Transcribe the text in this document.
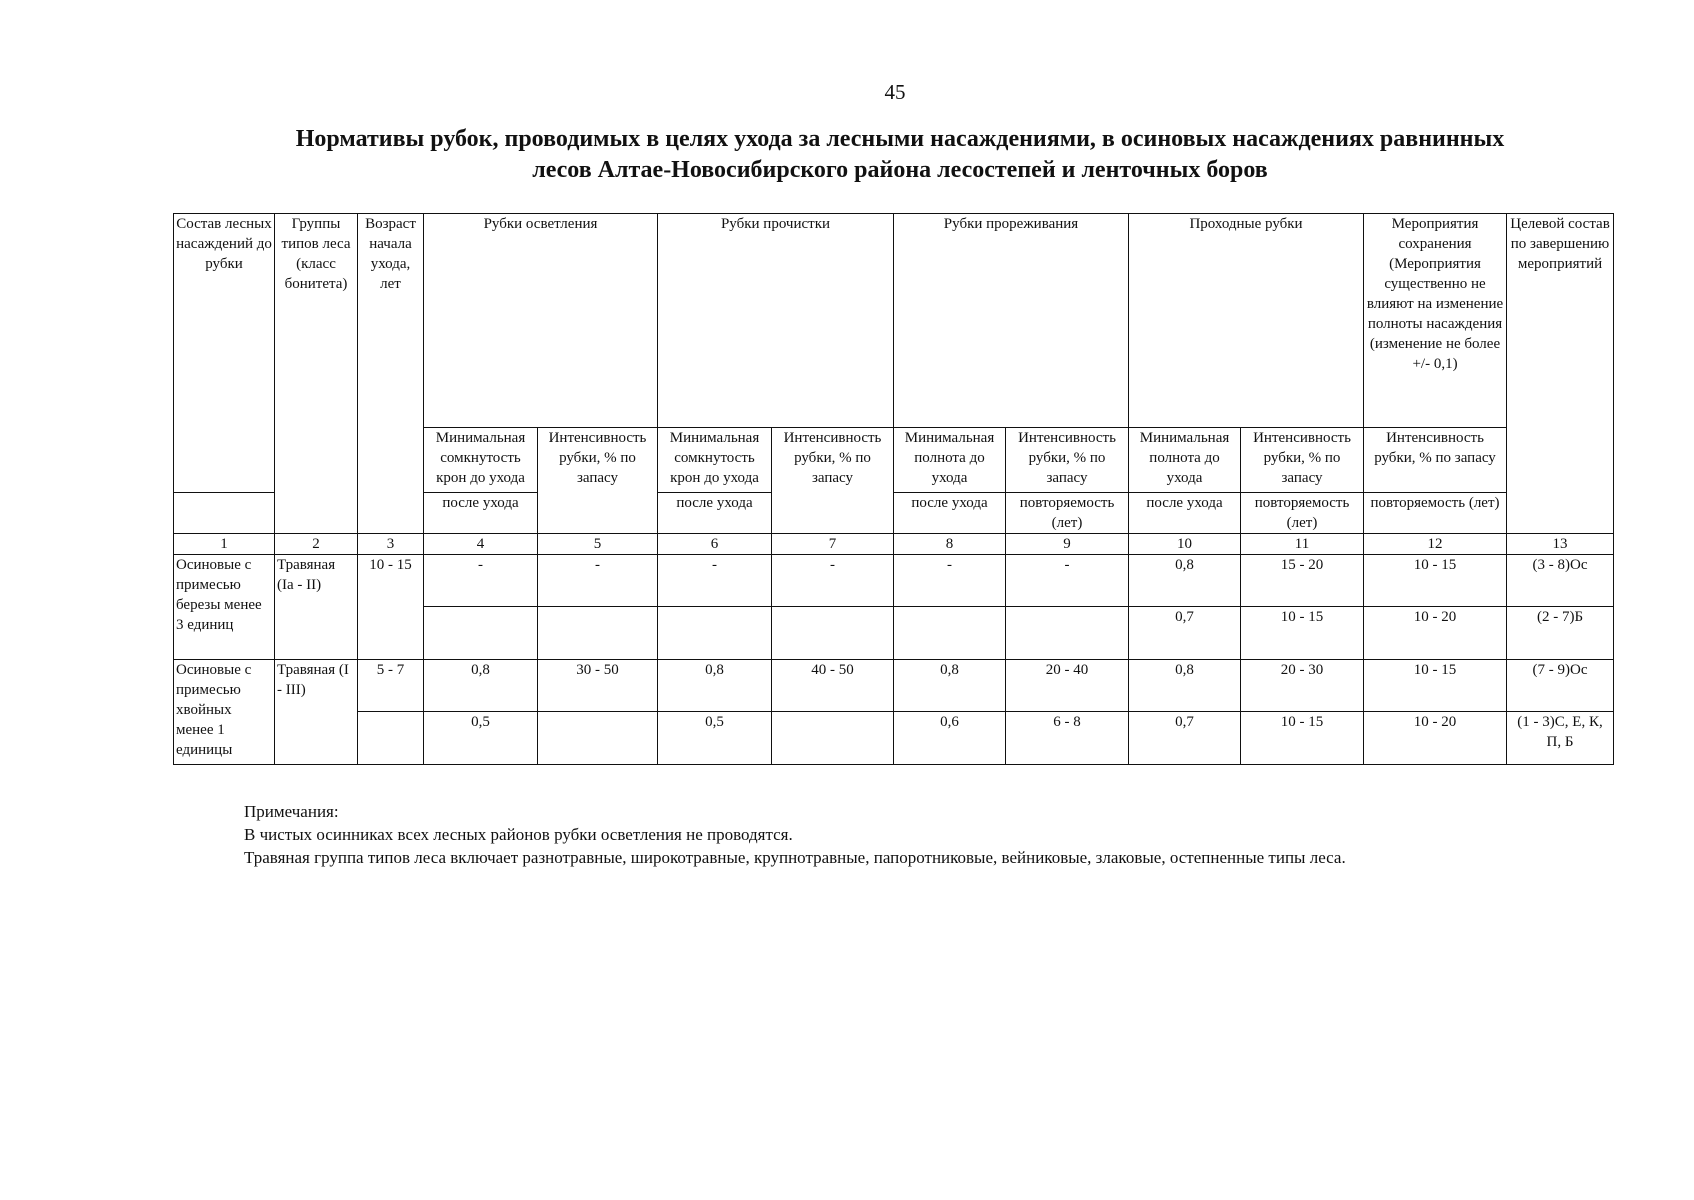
45
Нормативы рубок, проводимых в целях ухода за лесными насаждениями, в осиновых насаждениях равнинных
лесов Алтае-Новосибирского района лесостепей и ленточных боров
Состав лесных насаждений до рубки	Группы типов леса (класс бонитета)	Возраст начала ухода, лет	Рубки осветления		Рубки прочистки		Рубки прореживания		Проходные рубки		Мероприятия сохранения (Мероприятия существенно не влияют на изменение полноты насаждения (изменение не более +/- 0,1)	Целевой состав по завершению мероприятий
			Минимальная сомкнутость крон до ухода	Интенсивность рубки, % по запасу	Минимальная сомкнутость крон до ухода	Интенсивность рубки, % по запасу	Минимальная полнота до ухода	Интенсивность рубки, % по запасу	Минимальная полнота до ухода	Интенсивность рубки, % по запасу	Интенсивность рубки, % по запасу	
			после ухода		после ухода		после ухода	повторяемость (лет)	после ухода	повторяемость (лет)	повторяемость (лет)	
1	2	3	4	5	6	7	8	9	10	11	12	13
Осиновые с примесью березы менее 3 единиц	Травяная (Ia - II)	10 - 15	-	-	-	-	-	-	0,8	15 - 20	10 - 15	(3 - 8)Ос
									0,7	10 - 15	10 - 20	(2 - 7)Б
Осиновые с примесью хвойных менее 1 единицы	Травяная (I - III)	5 - 7	0,8	30 - 50	0,8	40 - 50	0,8	20 - 40	0,8	20 - 30	10 - 15	(7 - 9)Ос
			0,5		0,5		0,6	6 - 8	0,7	10 - 15	10 - 20	(1 - 3)С, Е, К, П, Б
Примечания:
В чистых осинниках всех лесных районов рубки осветления не проводятся.
Травяная группа типов леса включает разнотравные, широкотравные, крупнотравные, папоротниковые, вейниковые, злаковые, остепненные типы леса.
